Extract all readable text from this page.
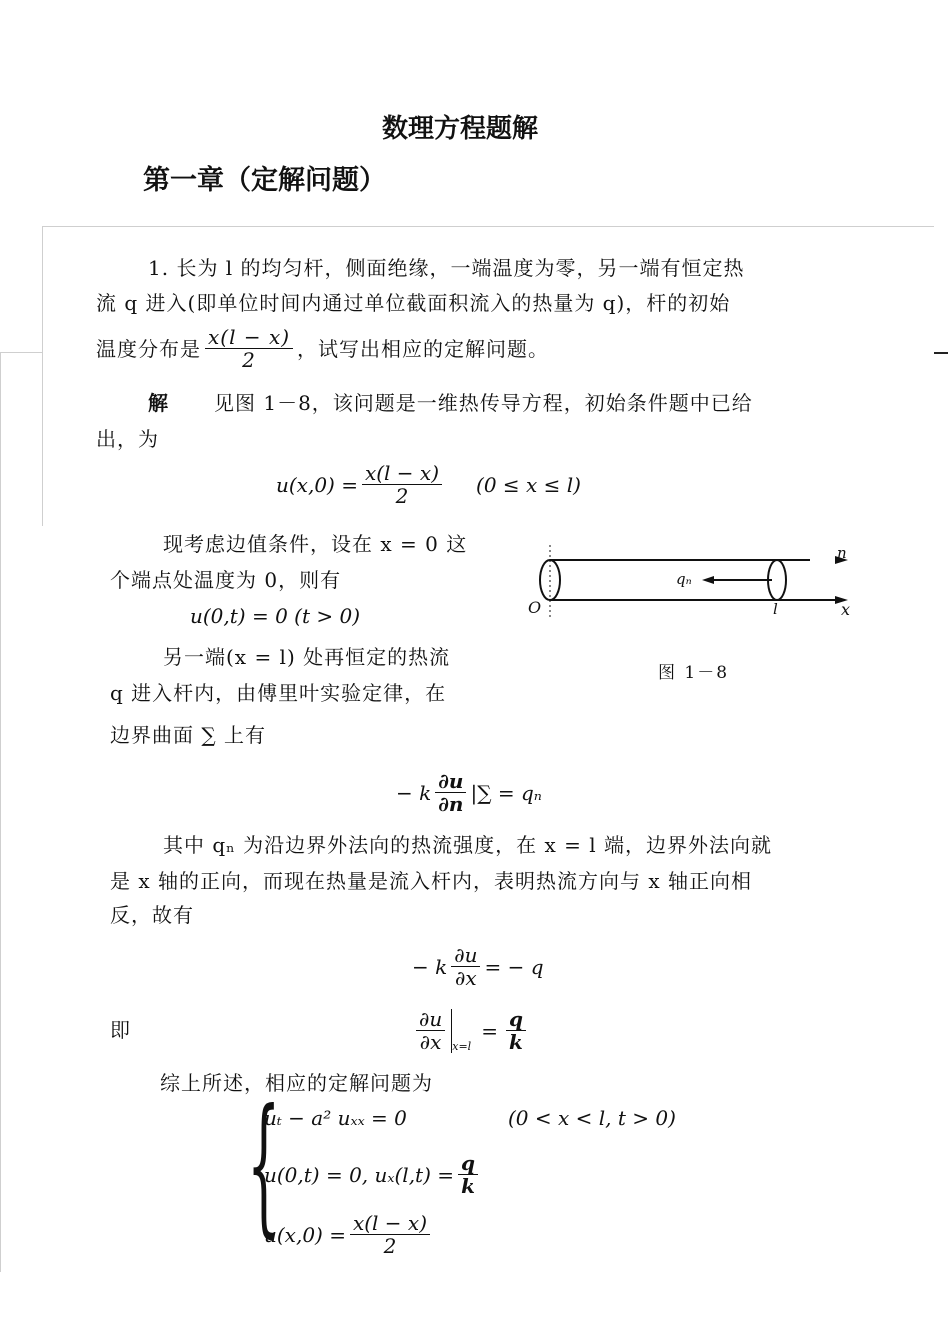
数理方程题解
第一章（定解问题）
1. 长为 l 的均匀杆，侧面绝缘，一端温度为零，另一端有恒定热
流 q 进入(即单位时间内通过单位截面积流入的热量为 q)，杆的初始
温度分布是 $\frac{x(l - x)}{2}$ ，试写出相应的定解问题。
解 见图 1－8，该问题是一维热传导方程，初始条件题中已给
出，为
$u(x,0) = \frac{x(l - x)}{2} (0 \le x \le l)$
现考虑边值条件，设在 x = 0 这
个端点处温度为 0，则有
u(0,t) = 0 (t > 0)
另一端(x = l) 处再恒定的热流
q 进入杆内，由傅里叶实验定律，在
边界曲面 ∑ 上有
− k $\frac{\partial u}{\partial n}$ |∑ = qₙ
其中 qₙ 为沿边界外法向的热流强度，在 x = l 端，边界外法向就
是 x 轴的正向，而现在热量是流入杆内，表明热流方向与 x 轴正向相
反，故有
− k $\frac{\partial u}{\partial x}$ = − q
即	$\frac{\partial u}{\partial x} x=l$
= $\frac{q}{k}$
综上所述，相应的定解问题为
{
uₜ − a² uₓₓ = 0	(0 < x < l, t > 0)
u(0,t) = 0, $u_x(l,t) = \frac{q}{k}$
$u(x,0) = \frac{x(l - x)}{2}$
n
qₙ
O	l	x
图 1－8
